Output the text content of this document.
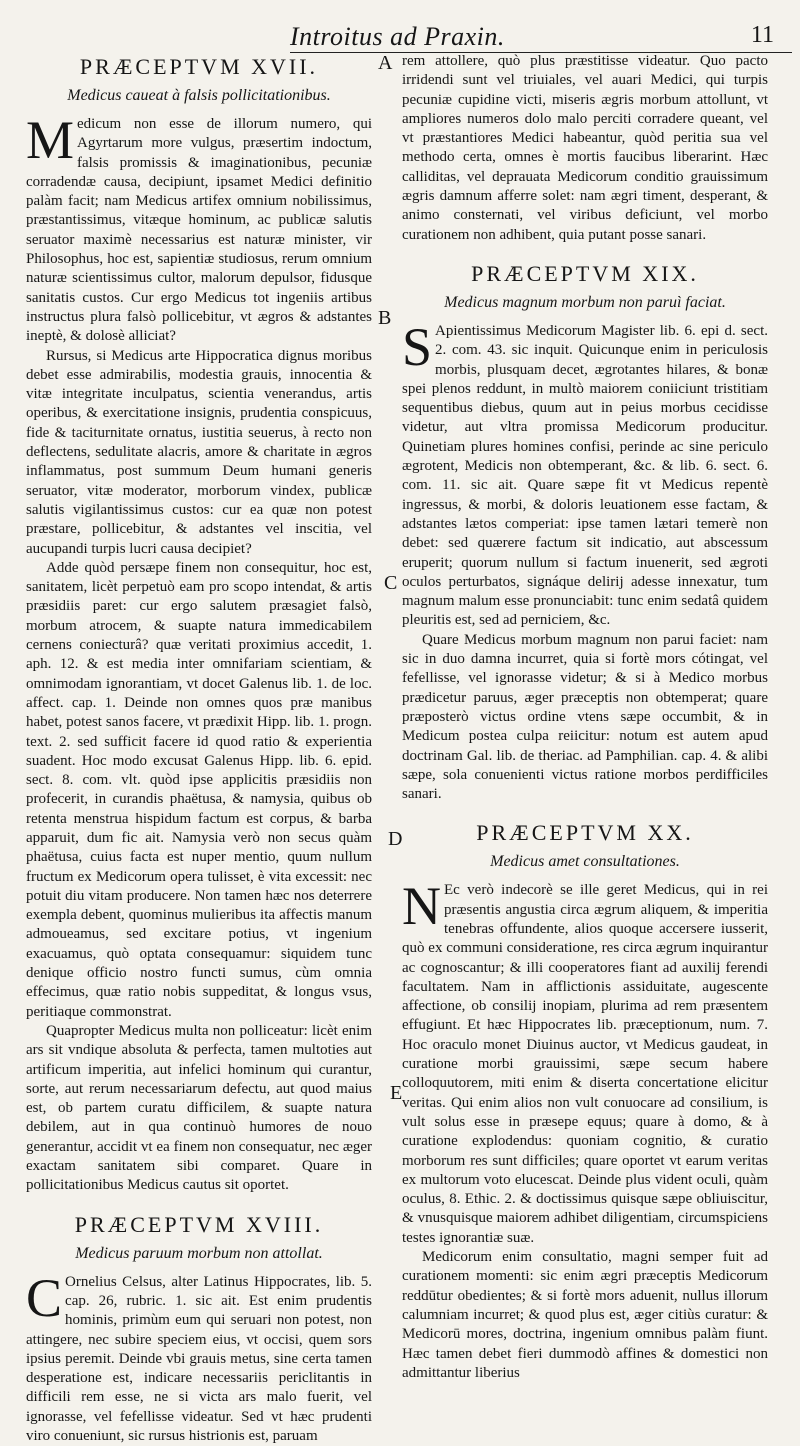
Introitus ad Praxin.	11
A
B
C
D
E
PRÆCEPTVM XVII.
Medicus caueat à falsis pollicitationibus.

Medicum non esse de illorum numero, qui Agyrtarum more vulgus, præsertim indoctum, falsis promissis & imaginationibus, pecuniæ corradendæ causa, decipiunt, ipsamet Medici definitio palàm facit; nam Medicus artifex omnium nobilissimus, præstantissimus, vitæque hominum, ac publicæ salutis seruator maximè necessarius est naturæ minister, vir Philosophus, hoc est, sapientiæ studiosus, rerum omnium naturæ scientissimus cultor, malorum depulsor, fidusque sanitatis custos. Cur ergo Medicus tot ingeniis artibus instructus plura falsò pollicebitur, vt ægros & adstantes ineptè, & dolosè alliciat?

Rursus, si Medicus arte Hippocratica dignus moribus debet esse admirabilis, modestia grauis, innocentia & vitæ integritate inculpatus, scientia venerandus, artis operibus, & exercitatione insignis, prudentia conspicuus, fide & taciturnitate ornatus, iustitia seuerus, à recto non deflectens, sedulitate alacris, amore & charitate in ægros inflammatus, post summum Deum humani generis seruator, vitæ moderator, morborum vindex, publicæ salutis vigilantissimus custos: cur ea quæ non potest præstare, pollicebitur, & adstantes vel inscitia, vel aucupandi turpis lucri causa decipiet?

Adde quòd persæpe finem non consequitur, hoc est, sanitatem, licèt perpetuò eam pro scopo intendat, & artis præsidiis paret: cur ergo salutem præsagiet falsò, morbum atrocem, & suapte natura immedicabilem cernens coniecturâ? quæ veritati proximius accedit, 1. aph. 12. & est media inter omnifariam scientiam, & omnimodam ignorantiam, vt docet Galenus lib. 1. de loc. affect. cap. 1. Deinde non omnes quos præ manibus habet, potest sanos facere, vt prædixit Hipp. lib. 1. progn. text. 2. sed sufficit facere id quod ratio & experientia suadent. Hoc modo excusat Galenus Hipp. lib. 6. epid. sect. 8. com. vlt. quòd ipse applicitis præsidiis non profecerit, in curandis phaëtusa, & namysia, quibus ob retenta menstrua hispidum factum est corpus, & barba apparuit, dum fic ait. Namysia verò non secus quàm phaëtusa, cuius facta est nuper mentio, quum nullum fructum ex Medicorum opera tulisset, è vita excessit: nec potuit diu vitam producere. Non tamen hæc nos deterrere exempla debent, quominus mulieribus ita affectis manum admoueamus, sed excitare potius, vt ingenium exacuamus, quò optata consequamur: siquidem tunc denique officio nostro functi sumus, cùm omnia effecimus, quæ ratio nobis suppeditat, & longus vsus, peritiaque commonstrat.

Quapropter Medicus multa non polliceatur: licèt enim ars sit vndique absoluta & perfecta, tamen multoties aut artificum imperitia, aut infelici hominum qui curantur, sorte, aut rerum necessariarum defectu, aut quod maius est, ob partem curatu difficilem, & suapte natura debilem, aut in qua continuò humores de nouo generantur, accidit vt ea finem non consequatur, nec æger exactam sanitatem sibi comparet. Quare in pollicitationibus Medicus cautus sit oportet.

PRÆCEPTVM XVIII.
Medicus paruum morbum non attollat.

C Ornelius Celsus, alter Latinus Hippocrates, lib. 5. cap. 26, rubric. 1. sic ait. Est enim prudentis hominis, primùm eum qui seruari non potest, non attingere, nec subire speciem eius, vt occisi, quem sors ipsius peremit. Deinde vbi grauis metus, sine certa tamen desperatione est, indicare necessariis periclitantis in difficili rem esse, ne si victa ars malo fuerit, vel ignorasse, vel fefellisse videatur. Sed vt hæc prudenti viro conueniunt, sic rursus histrionis est, paruam

rem attollere, quò plus præstitisse videatur. Quo pacto irridendi sunt vel triuiales, vel auari Medici, qui turpis pecuniæ cupidine victi, miseris ægris morbum attollunt, vt ampliores numeros dolo malo perciti corradere queant, vel vt præstantiores Medici habeantur, quòd peritia sua vel methodo certa, omnes è mortis faucibus liberarint. Hæc calliditas, vel deprauata Medicorum conditio grauissimum ægris damnum afferre solet: nam ægri timent, desperant, & animo consternati, vel viribus deficiunt, vel morbo curationem non adhibent, quia putant posse sanari.

PRÆCEPTVM XIX.
Medicus magnum morbum non paruì faciat.

S Apientissimus Medicorum Magister lib. 6. epi d. sect. 2. com. 43. sic inquit. Quicunque enim in periculosis morbis, plusquam decet, ægrotantes hilares, & bonæ spei plenos reddunt, in multò maiorem coniiciunt tristitiam sequentibus diebus, quum aut in peius morbus cecidisse videtur, aut vltra promissa Medicorum producitur. Quinetiam plures homines confisi, perinde ac sine periculo ægrotent, Medicis non obtemperant, &c. & lib. 6. sect. 6. com. 11. sic ait. Quare sæpe fit vt Medicus repentè ingressus, & morbi, & doloris leuationem esse factam, & adstantes lætos comperiat: ipse tamen lætari temerè non debet: sed quærere factum sit indicatio, aut abscessum eruperit; quorum nullum si factum inuenerit, sed ægroti oculos perturbatos, signáque delirij adesse innexatur, tum magnum malum esse pronunciabit: tunc enim sedatâ quidem pleuritis est, sed ad perniciem, &c.

Quare Medicus morbum magnum non parui faciet: nam sic in duo damna incurret, quia si fortè mors cótingat, vel fefellisse, vel ignorasse videtur; & si à Medico morbus prædicetur paruus, æger præceptis non obtemperat; quare præposterò victus ordine vtens sæpe occumbit, & in Medicum postea culpa reiicitur: notum est autem apud doctrinam Gal. lib. de theriac. ad Pamphilian. cap. 4. & alibi sæpe, sola conuenienti victus ratione morbos perdifficiles sanari.

PRÆCEPTVM XX.
Medicus amet consultationes.

N Ec verò indecorè se ille geret Medicus, qui in rei præsentis angustia circa ægrum aliquem, & imperitia tenebras offundente, alios quoque accersere iusserit, quò ex communi consideratione, res circa ægrum inquirantur ac cognoscantur; & illi cooperatores fiant ad auxilij ferendi facultatem. Nam in afflictionis assiduitate, augescente affectione, ob consilij inopiam, plurima ad rem præsentem effugiunt. Et hæc Hippocrates lib. præceptionum, num. 7. Hoc oraculo monet Diuinus auctor, vt Medicus gaudeat, in curatione morbi grauissimi, sæpe secum habere colloquutorem, miti enim & diserta concertatione elicitur veritas. Qui enim alios non vult conuocare ad consilium, is vult solus esse in præsepe equus; quare à domo, & à curatione explodendus: quoniam cognitio, & curatio morborum res sunt difficiles; quare oportet vt earum veritas ex multorum voto elucescat. Deinde plus vident oculi, quàm oculus, 8. Ethic. 2. & doctissimus quisque sæpe obliuiscitur, & vnusquisque maiorem adhibet diligentiam, circumspiciens testes ignorantiæ suæ.

Medicorum enim consultatio, magni semper fuit ad curationem momenti: sic enim ægri præceptis Medicorum reddūtur obedientes; & si fortè mors aduenit, nullus illorum calumniam incurret; & quod plus est, æger citiùs curatur: & Medicorū mores, doctrina, ingenium omnibus palàm fiunt. Hæc tamen debet fieri dummodò affines & domestici non admittantur liberius
